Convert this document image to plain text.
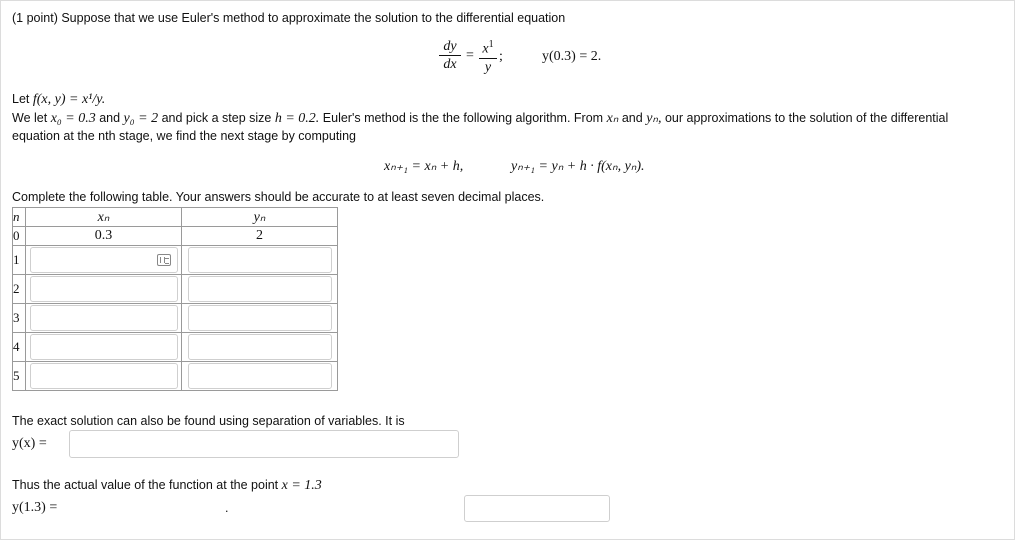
(1 point) Suppose that we use Euler's method to approximate the solution to the differential equation
dy
dx
= $x^1$
y
;	y(0.3) = 2.
Let f(x, y) = x¹/y.
We let x₀ = 0.3 and y₀ = 2 and pick a step size h = 0.2. Euler's method is the the following algorithm. From xₙ and yₙ, our approximations to the solution of the differential
equation at the nth stage, we find the next stage by computing
xₙ₊₁ = xₙ + h,	yₙ₊₁ = yₙ + h · f(xₙ, yₙ).
Complete the following table. Your answers should be accurate to at least seven decimal places.
n	xₙ	yₙ
0	0.3	2
1	

2		
3		
4		
5		
The exact solution can also be found using separation of variables. It is
y(x) =

Thus the actual value of the function at the point x = 1.3
y(1.3) =	.
